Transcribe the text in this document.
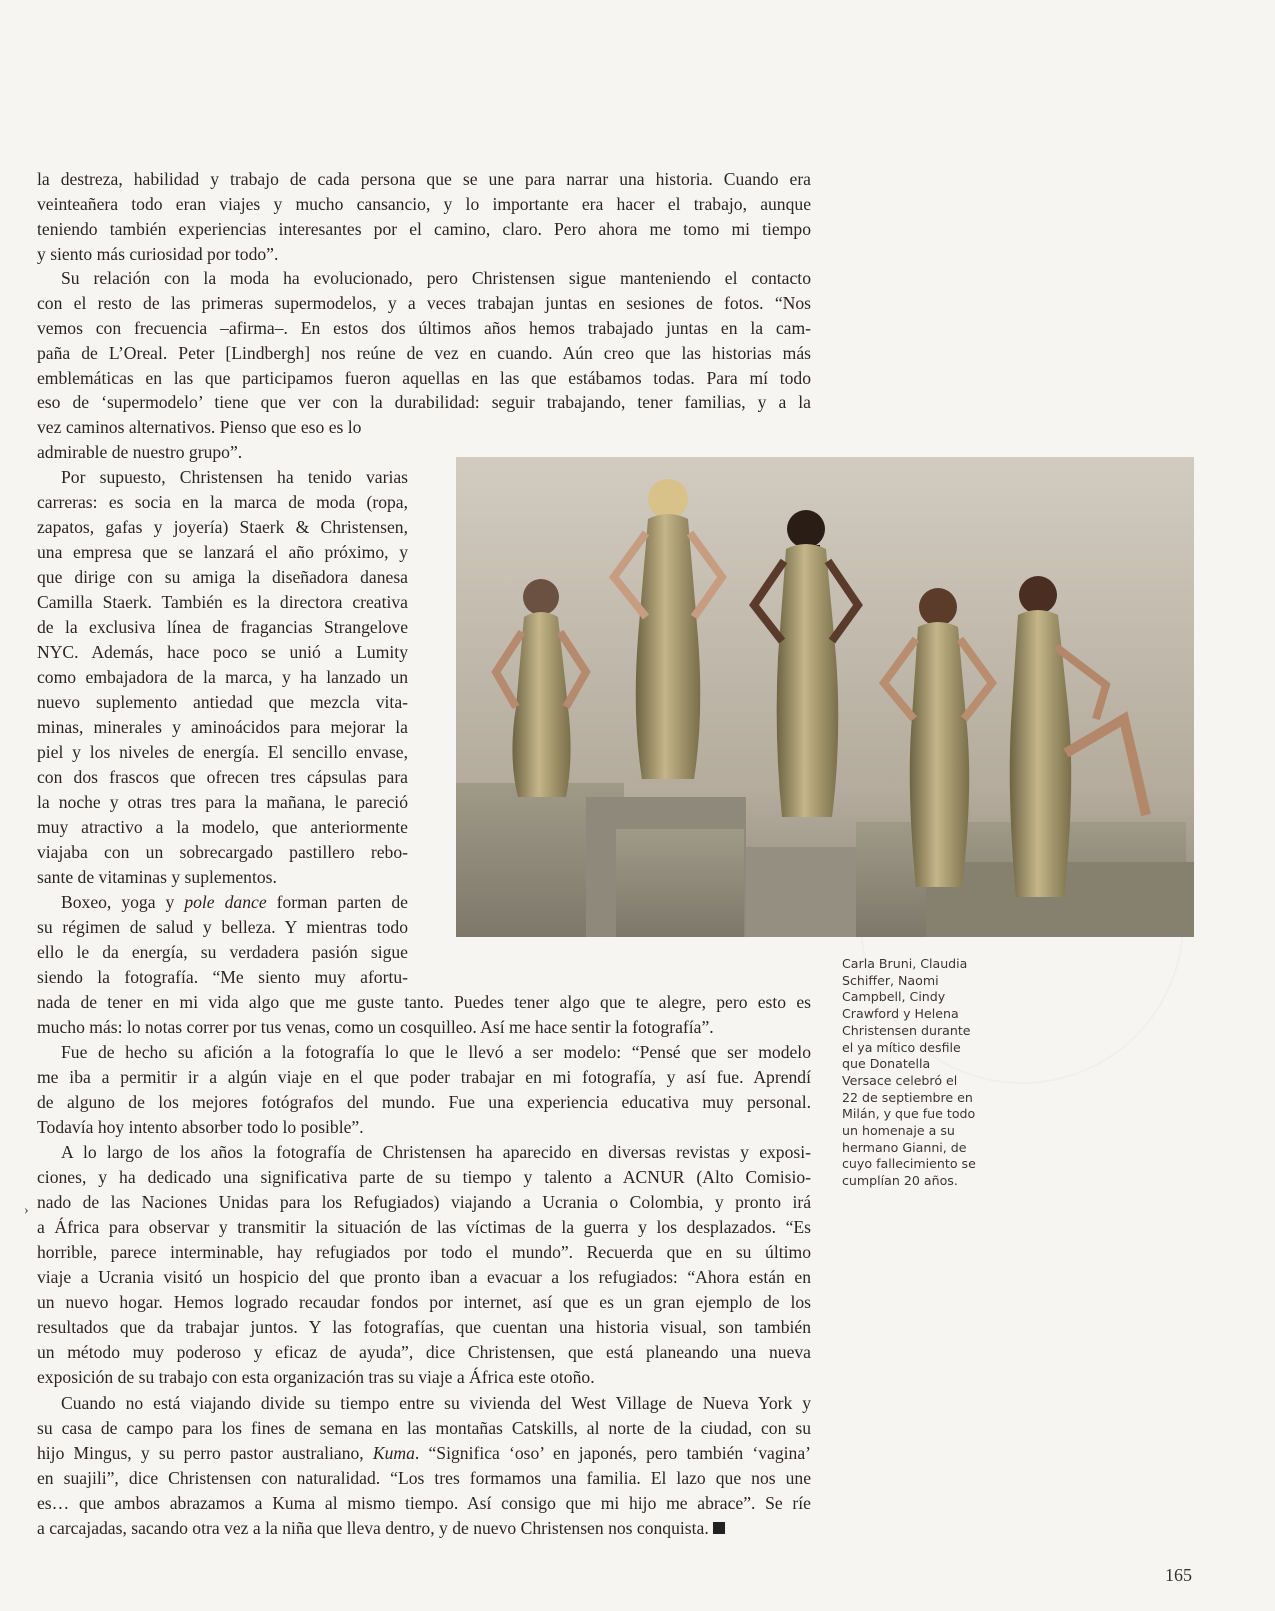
la destreza, habilidad y trabajo de cada persona que se une para narrar una historia. Cuando era
veinteañera todo eran viajes y mucho cansancio, y lo importante era hacer el trabajo, aunque
teniendo también experiencias interesantes por el camino, claro. Pero ahora me tomo mi tiempo
y siento más curiosidad por todo”.
Su relación con la moda ha evolucionado, pero Christensen sigue manteniendo el contacto
con el resto de las primeras supermodelos, y a veces trabajan juntas en sesiones de fotos. “Nos
vemos con frecuencia –afirma–. En estos dos últimos años hemos trabajado juntas en la cam-
paña de L’Oreal. Peter [Lindbergh] nos reúne de vez en cuando. Aún creo que las historias más
emblemáticas en las que participamos fueron aquellas en las que estábamos todas. Para mí todo
eso de ‘supermodelo’ tiene que ver con la durabilidad: seguir trabajando, tener familias, y a la
vez caminos alternativos. Pienso que eso es lo
admirable de nuestro grupo”.
Por supuesto, Christensen ha tenido varias
carreras: es socia en la marca de moda (ropa,
zapatos, gafas y joyería) Staerk & Christensen,
una empresa que se lanzará el año próximo, y
que dirige con su amiga la diseñadora danesa
Camilla Staerk. También es la directora creativa
de la exclusiva línea de fragancias Strangelove
NYC. Además, hace poco se unió a Lumity
como embajadora de la marca, y ha lanzado un
nuevo suplemento antiedad que mezcla vita-
minas, minerales y aminoácidos para mejorar la
piel y los niveles de energía. El sencillo envase,
con dos frascos que ofrecen tres cápsulas para
la noche y otras tres para la mañana, le pareció
muy atractivo a la modelo, que anteriormente
viajaba con un sobrecargado pastillero rebo-
sante de vitaminas y suplementos.
Boxeo, yoga y pole dance forman parten de
su régimen de salud y belleza. Y mientras todo
ello le da energía, su verdadera pasión sigue
siendo la fotografía. “Me siento muy afortu-
nada de tener en mi vida algo que me guste tanto. Puedes tener algo que te alegre, pero esto es
mucho más: lo notas correr por tus venas, como un cosquilleo. Así me hace sentir la fotografía”.
Fue de hecho su afición a la fotografía lo que le llevó a ser modelo: “Pensé que ser modelo
me iba a permitir ir a algún viaje en el que poder trabajar en mi fotografía, y así fue. Aprendí
de alguno de los mejores fotógrafos del mundo. Fue una experiencia educativa muy personal.
Todavía hoy intento absorber todo lo posible”.
A lo largo de los años la fotografía de Christensen ha aparecido en diversas revistas y exposi-
ciones, y ha dedicado una significativa parte de su tiempo y talento a ACNUR (Alto Comisio-
nado de las Naciones Unidas para los Refugiados) viajando a Ucrania o Colombia, y pronto irá
a África para observar y transmitir la situación de las víctimas de la guerra y los desplazados. “Es
horrible, parece interminable, hay refugiados por todo el mundo”. Recuerda que en su último
viaje a Ucrania visitó un hospicio del que pronto iban a evacuar a los refugiados: “Ahora están en
un nuevo hogar. Hemos logrado recaudar fondos por internet, así que es un gran ejemplo de los
resultados que da trabajar juntos. Y las fotografías, que cuentan una historia visual, son también
un método muy poderoso y eficaz de ayuda”, dice Christensen, que está planeando una nueva
exposición de su trabajo con esta organización tras su viaje a África este otoño.
Cuando no está viajando divide su tiempo entre su vivienda del West Village de Nueva York y
su casa de campo para los fines de semana en las montañas Catskills, al norte de la ciudad, con su
hijo Mingus, y su perro pastor australiano, Kuma. “Significa ‘oso’ en japonés, pero también ‘vagina’
en suajili”, dice Christensen con naturalidad. “Los tres formamos una familia. El lazo que nos une
es… que ambos abrazamos a Kuma al mismo tiempo. Así consigo que mi hijo me abrace”. Se ríe
a carcajadas, sacando otra vez a la niña que lleva dentro, y de nuevo Christensen nos conquista.
›
Carla Bruni, Claudia
Schiffer, Naomi
Campbell, Cindy
Crawford y Helena
Christensen durante
el ya mítico desfile
que Donatella
Versace celebró el
22 de septiembre en
Milán, y que fue todo
un homenaje a su
hermano Gianni, de
cuyo fallecimiento se
cumplían 20 años.
165
